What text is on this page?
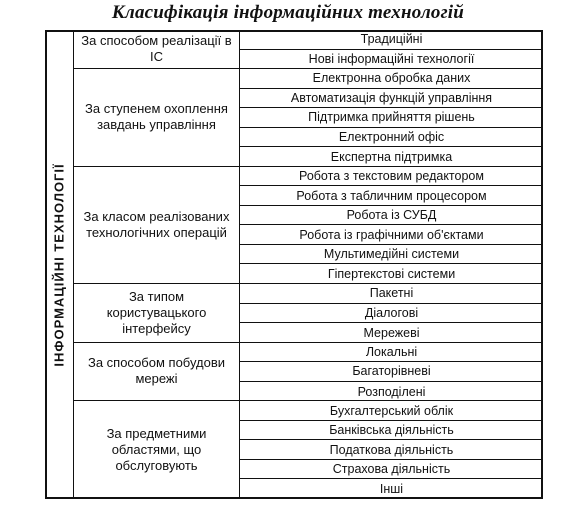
Класифікація інформаційних технологій
ІНФОРМАЦІЙНІ ТЕХНОЛОГІЇ
За способом реалізації в ІС
Традиційні
Нові інформаційні технології
За ступенем охоплення завдань управління
Електронна обробка даних
Автоматизація функцій управління
Підтримка прийняття рішень
Електронний офіс
Експертна підтримка
За класом реалізованих технологічних операцій
Робота з текстовим редактором
Робота з табличним процесором
Робота із СУБД
Робота із графічними об'єктами
Мультимедійні системи
Гіпертекстові системи
За типом користувацького інтерфейсу
Пакетні
Діалогові
Мережеві
За способом побудови мережі
Локальні
Багаторівневі
Розподілені
За предметними областями, що обслуговують
Бухгалтерський облік
Банківська діяльність
Податкова діяльність
Страхова діяльність
Інші
